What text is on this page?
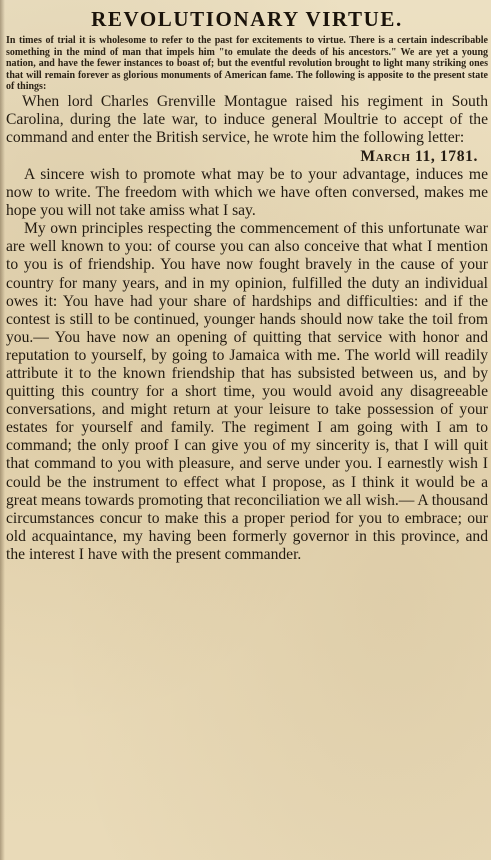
REVOLUTIONARY VIRTUE.

In times of trial it is wholesome to refer to the past for excitements to virtue. There is a certain indescribable something in the mind of man that impels him "to emulate the deeds of his ancestors." We are yet a young nation, and have the fewer instances to boast of; but the eventful revolution brought to light many striking ones that will remain forever as glorious monuments of American fame. The following is apposite to the present state of things:

When lord Charles Grenville Montague raised his regiment in South Carolina, during the late war, to induce general Moultrie to accept of the command and enter the British service, he wrote him the following letter:

March 11, 1781.

A sincere wish to promote what may be to your advantage, induces me now to write. The freedom with which we have often conversed, makes me hope you will not take amiss what I say.

My own principles respecting the commencement of this unfortunate war are well known to you: of course you can also conceive that what I mention to you is of friendship. You have now fought bravely in the cause of your country for many years, and in my opinion, fulfilled the duty an individual owes it: You have had your share of hardships and difficulties: and if the contest is still to be continued, younger hands should now take the toil from you.— You have now an opening of quitting that service with honor and reputation to yourself, by going to Jamaica with me. The world will readily attribute it to the known friendship that has subsisted between us, and by quitting this country for a short time, you would avoid any disagreeable conversations, and might return at your leisure to take possession of your estates for yourself and family. The regiment I am going with I am to command; the only proof I can give you of my sincerity is, that I will quit that command to you with pleasure, and serve under you. I earnestly wish I could be the instrument to effect what I propose, as I think it would be a great means towards promoting that reconciliation we all wish.— A thousand circumstances concur to make this a proper period for you to embrace; our old acquaintance, my having been formerly governor in this province, and the interest I have with the present commander.
